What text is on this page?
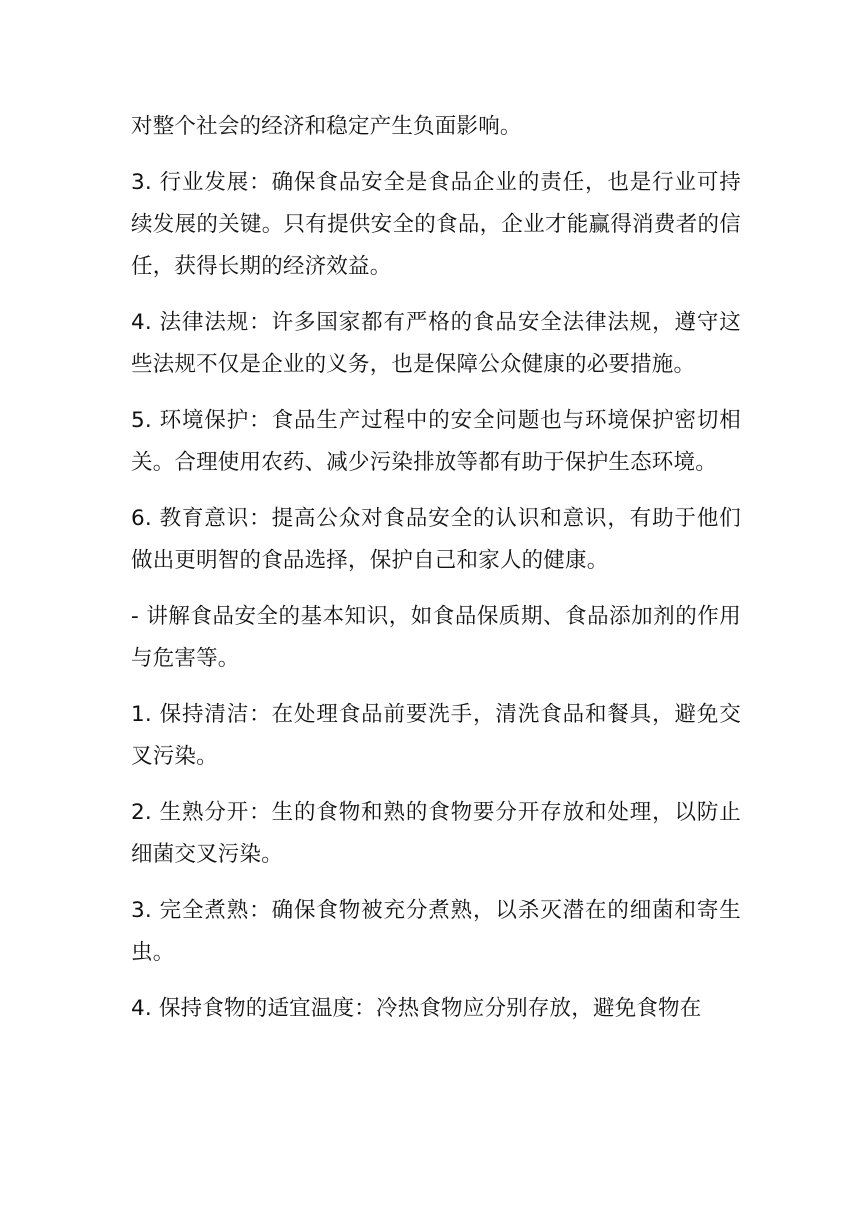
对整个社会的经济和稳定产生负面影响。

3. 行业发展：确保食品安全是食品企业的责任，也是行业可持续发展的关键。只有提供安全的食品，企业才能赢得消费者的信任，获得长期的经济效益。

4. 法律法规：许多国家都有严格的食品安全法律法规，遵守这些法规不仅是企业的义务，也是保障公众健康的必要措施。

5. 环境保护：食品生产过程中的安全问题也与环境保护密切相关。合理使用农药、减少污染排放等都有助于保护生态环境。

6. 教育意识：提高公众对食品安全的认识和意识，有助于他们做出更明智的食品选择，保护自己和家人的健康。

- 讲解食品安全的基本知识，如食品保质期、食品添加剂的作用与危害等。

1. 保持清洁：在处理食品前要洗手，清洗食品和餐具，避免交叉污染。

2. 生熟分开：生的食物和熟的食物要分开存放和处理，以防止细菌交叉污染。

3. 完全煮熟：确保食物被充分煮熟，以杀灭潜在的细菌和寄生虫。

4. 保持食物的适宜温度：冷热食物应分别存放，避免食物在
